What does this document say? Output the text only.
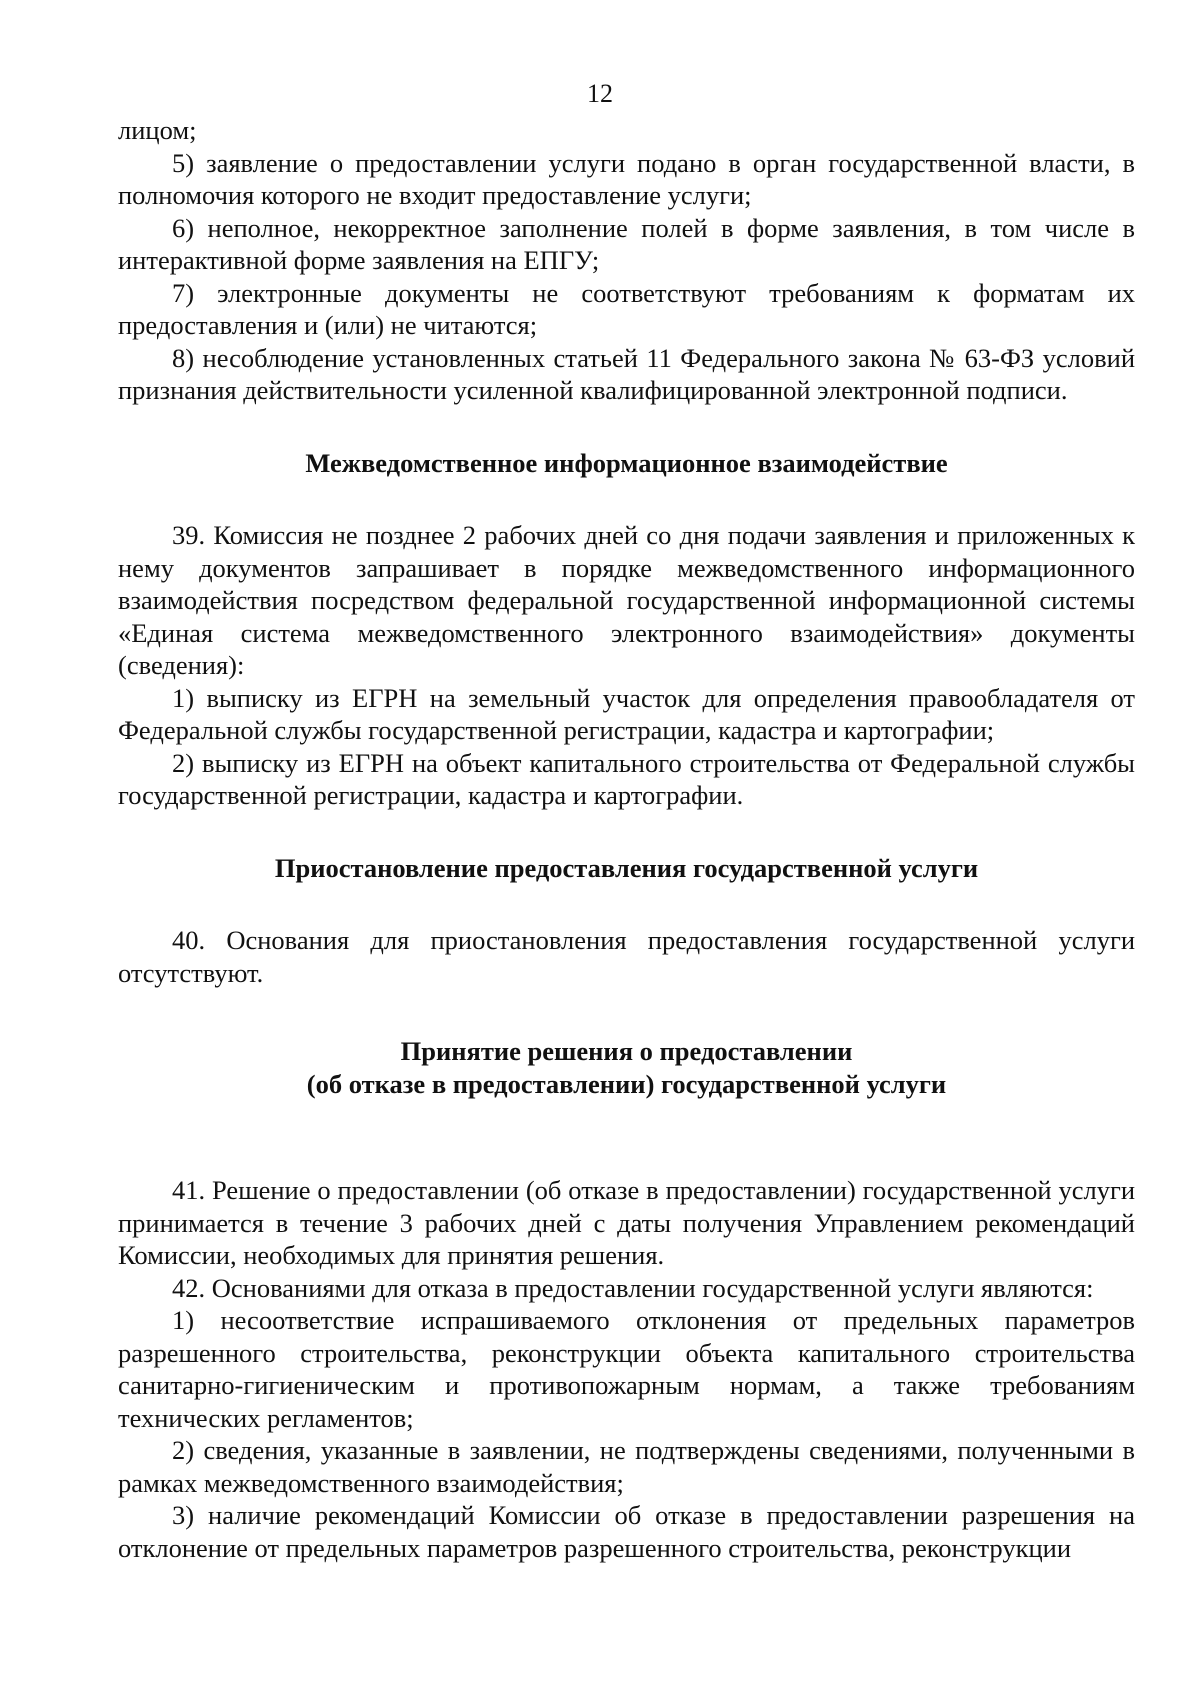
12

лицом;

5) заявление о предоставлении услуги подано в орган государственной власти, в полномочия которого не входит предоставление услуги;

6) неполное, некорректное заполнение полей в форме заявления, в том числе в интерактивной форме заявления на ЕПГУ;

7) электронные документы не соответствуют требованиям к форматам их предоставления и (или) не читаются;

8) несоблюдение установленных статьей 11 Федерального закона № 63-ФЗ условий признания действительности усиленной квалифицированной электронной подписи.

Межведомственное информационное взаимодействие

39. Комиссия не позднее 2 рабочих дней со дня подачи заявления и приложенных к нему документов запрашивает в порядке межведомственного информационного взаимодействия посредством федеральной государственной информационной системы «Единая система межведомственного электронного взаимодействия» документы (сведения):

1) выписку из ЕГРН на земельный участок для определения правообладателя от Федеральной службы государственной регистрации, кадастра и картографии;

2) выписку из ЕГРН на объект капитального строительства от Федеральной службы государственной регистрации, кадастра и картографии.

Приостановление предоставления государственной услуги

40. Основания для приостановления предоставления государственной услуги отсутствуют.

Принятие решения о предоставлении
(об отказе в предоставлении) государственной услуги

41. Решение о предоставлении (об отказе в предоставлении) государственной услуги принимается в течение 3 рабочих дней с даты получения Управлением рекомендаций Комиссии, необходимых для принятия решения.

42. Основаниями для отказа в предоставлении государственной услуги являются:

1) несоответствие испрашиваемого отклонения от предельных параметров разрешенного строительства, реконструкции объекта капитального строительства санитарно-гигиеническим и противопожарным нормам, а также требованиям технических регламентов;

2) сведения, указанные в заявлении, не подтверждены сведениями, полученными в рамках межведомственного взаимодействия;

3) наличие рекомендаций Комиссии об отказе в предоставлении разрешения на отклонение от предельных параметров разрешенного строительства, реконструкции
